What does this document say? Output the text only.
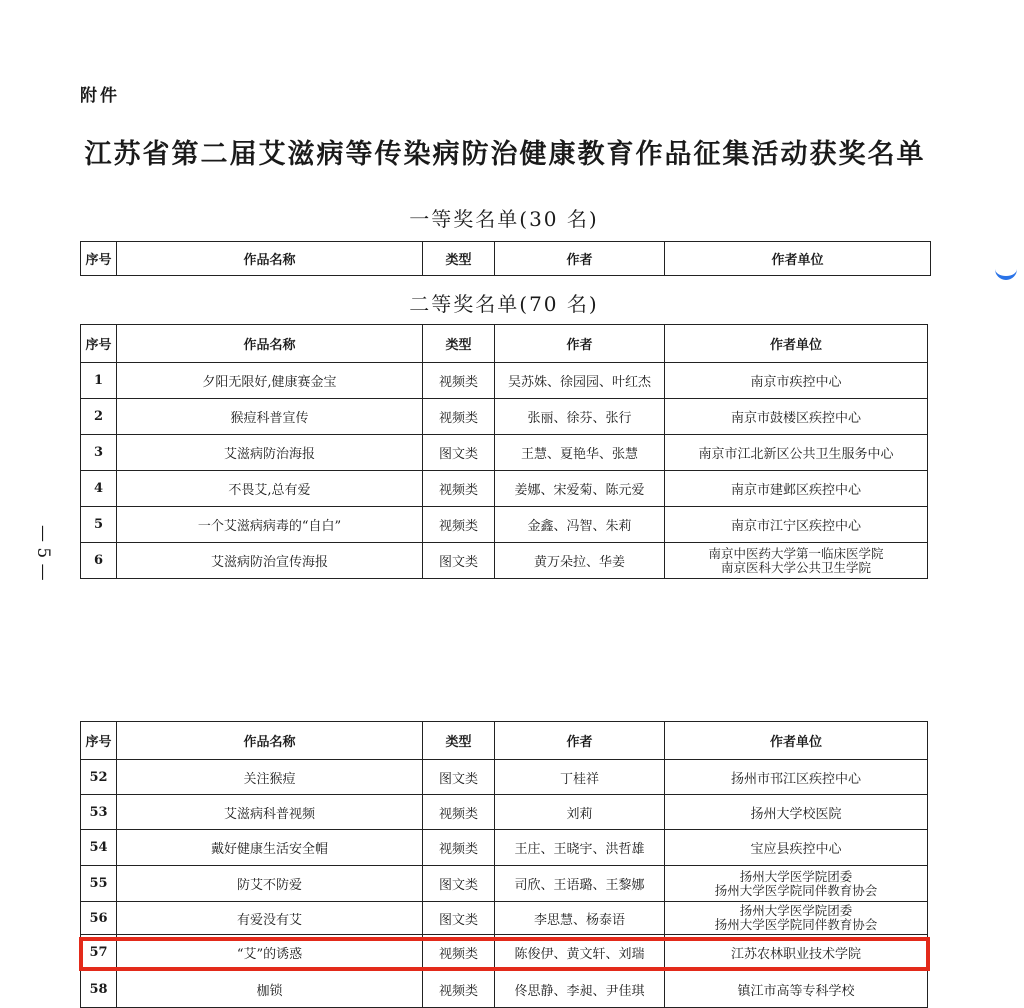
附件
江苏省第二届艾滋病等传染病防治健康教育作品征集活动获奖名单
一等奖名单(30 名)
序号	作品名称	类型	作者	作者单位
二等奖名单(70 名)
序号	作品名称	类型	作者	作者单位
1	夕阳无限好,健康赛金宝	视频类	吴苏姝、徐园园、叶红杰	南京市疾控中心
2	猴痘科普宣传	视频类	张丽、徐芬、张行	南京市鼓楼区疾控中心
3	艾滋病防治海报	图文类	王慧、夏艳华、张慧	南京市江北新区公共卫生服务中心
4	不畏艾,总有爱	视频类	姜娜、宋爱菊、陈元爱	南京市建邺区疾控中心
5	一个艾滋病病毒的“自白”	视频类	金鑫、冯智、朱莉	南京市江宁区疾控中心
6	艾滋病防治宣传海报	图文类	黄万朵拉、华姜	南京中医药大学第一临床医学院
南京医科大学公共卫生学院
序号	作品名称	类型	作者	作者单位
52	关注猴痘	图文类	丁桂祥	扬州市邗江区疾控中心
53	艾滋病科普视频	视频类	刘莉	扬州大学校医院
54	戴好健康生活安全帽	视频类	王庄、王晓宇、洪哲雄	宝应县疾控中心
55	防艾不防爱	图文类	司欣、王语璐、王黎娜	扬州大学医学院团委
扬州大学医学院同伴教育协会

56	有爱没有艾	图文类	李思慧、杨泰语	扬州大学医学院团委
扬州大学医学院同伴教育协会

57	“艾”的诱惑	视频类	陈俊伊、黄文轩、刘瑞	江苏农林职业技术学院
58	枷锁	视频类	佟思静、李昶、尹佳琪	镇江市高等专科学校
— 5 —
